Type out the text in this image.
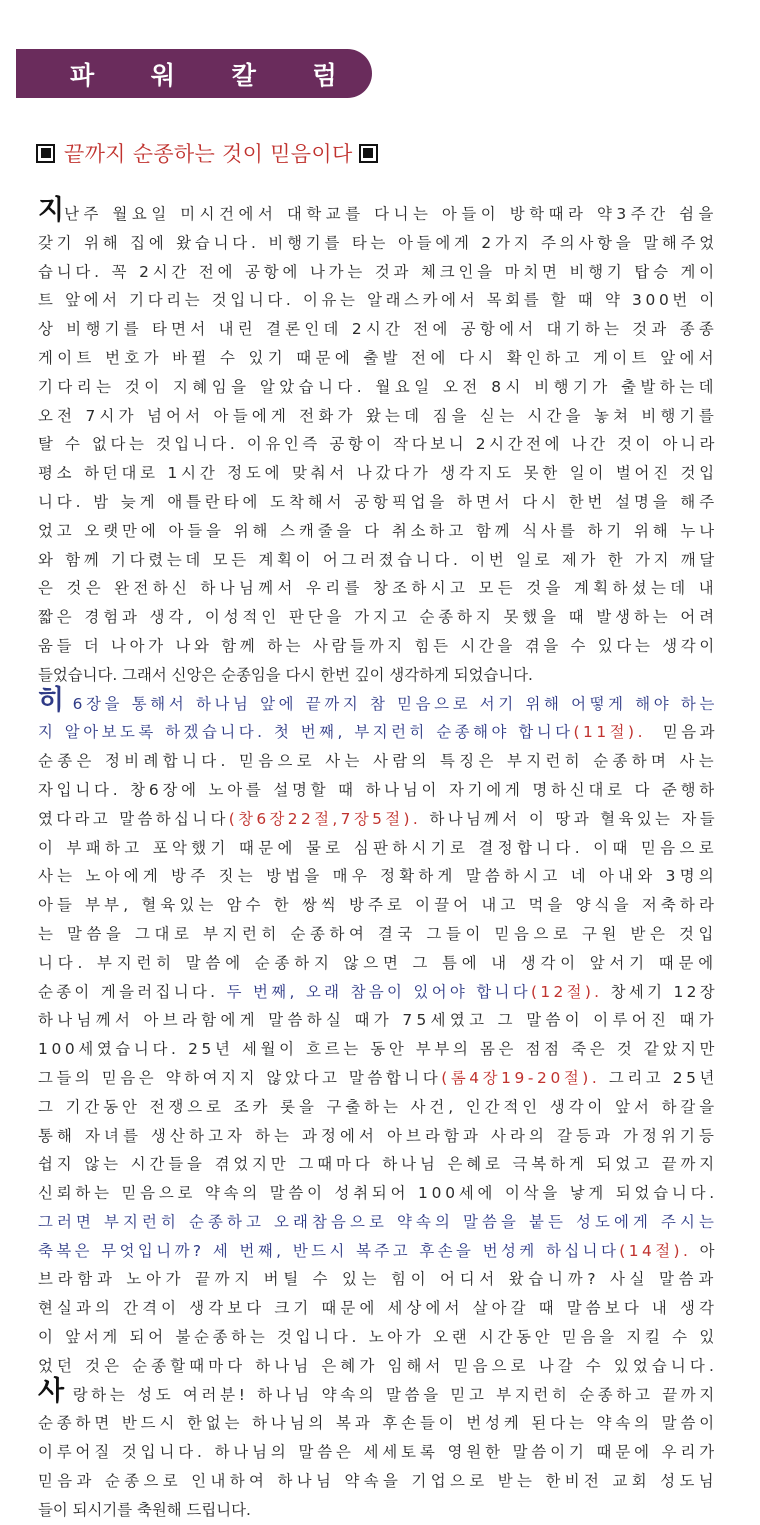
파 워 칼 럼
끝까지 순종하는 것이 믿음이다
지 난주 월요일 미시건에서 대학교를 다니는 아들이 방학때라 약3주간 쉼을
갖기 위해 집에 왔습니다. 비행기를 타는 아들에게 2가지 주의사항을 말해주었
습니다. 꼭 2시간 전에 공항에 나가는 것과 체크인을 마치면 비행기 탑승 게이
트 앞에서 기다리는 것입니다. 이유는 알래스카에서 목회를 할 때 약 300번 이
상 비행기를 타면서 내린 결론인데 2시간 전에 공항에서 대기하는 것과 종종
게이트 번호가 바뀔 수 있기 때문에 출발 전에 다시 확인하고 게이트 앞에서
기다리는 것이 지혜임을 알았습니다. 월요일 오전 8시 비행기가 출발하는데
오전 7시가 넘어서 아들에게 전화가 왔는데 짐을 싣는 시간을 놓쳐 비행기를
탈 수 없다는 것입니다. 이유인즉 공항이 작다보니 2시간전에 나간 것이 아니라
평소 하던대로 1시간 정도에 맞춰서 나갔다가 생각지도 못한 일이 벌어진 것입
니다. 밤 늦게 애틀란타에 도착해서 공항픽업을 하면서 다시 한번 설명을 해주
었고 오랫만에 아들을 위해 스캐줄을 다 취소하고 함께 식사를 하기 위해 누나
와 함께 기다렸는데 모든 계획이 어그러졌습니다. 이번 일로 제가 한 가지 깨달
은 것은 완전하신 하나님께서 우리를 창조하시고 모든 것을 계획하셨는데 내
짧은 경험과 생각, 이성적인 판단을 가지고 순종하지 못했을 때 발생하는 어려
움들 더 나아가 나와 함께 하는 사람들까지 힘든 시간을 겪을 수 있다는 생각이
들었습니다. 그래서 신앙은 순종임을 다시 한번 깊이 생각하게 되었습니다.
히 6장을 통해서 하나님 앞에 끝까지 참 믿음으로 서기 위해 어떻게 해야 하는
지 알아보도록 하겠습니다. 첫 번째, 부지런히 순종해야 합니다 (11절). 믿음과
순종은 정비례합니다. 믿음으로 사는 사람의 특징은 부지런히 순종하며 사는
자입니다. 창6장에 노아를 설명할 때 하나님이 자기에게 명하신대로 다 준행하
였다라고 말씀하십니다 (창6장22절,7장5절). 하나님께서 이 땅과 혈육있는 자들
이 부패하고 포악했기 때문에 물로 심판하시기로 결정합니다. 이때 믿음으로
사는 노아에게 방주 짓는 방법을 매우 정확하게 말씀하시고 네 아내와 3명의
아들 부부, 혈육있는 암수 한 쌍씩 방주로 이끌어 내고 먹을 양식을 저축하라
는 말씀을 그대로 부지런히 순종하여 결국 그들이 믿음으로 구원 받은 것입
니다. 부지런히 말씀에 순종하지 않으면 그 틈에 내 생각이 앞서기 때문에
순종이 게을러집니다. 두 번째, 오래 참음이 있어야 합니다 (12절). 창세기 12장
하나님께서 아브라함에게 말씀하실 때가 75세였고 그 말씀이 이루어진 때가
100세였습니다. 25년 세월이 흐르는 동안 부부의 몸은 점점 죽은 것 같았지만
그들의 믿음은 약하여지지 않았다고 말씀합니다 (롬4장19-20절). 그리고 25년
그 기간동안 전쟁으로 조카 롯을 구출하는 사건, 인간적인 생각이 앞서 하갈을
통해 자녀를 생산하고자 하는 과정에서 아브라함과 사라의 갈등과 가정위기등
쉽지 않는 시간들을 겪었지만 그때마다 하나님 은혜로 극복하게 되었고 끝까지
신뢰하는 믿음으로 약속의 말씀이 성취되어 100세에 이삭을 낳게 되었습니다.
그러면 부지런히 순종하고 오래참음으로 약속의 말씀을 붙든 성도에게 주시는
축복은 무엇입니까? 세 번째, 반드시 복주고 후손을 번성케 하십니다 (14절). 아
브라함과 노아가 끝까지 버틸 수 있는 힘이 어디서 왔습니까? 사실 말씀과
현실과의 간격이 생각보다 크기 때문에 세상에서 살아갈 때 말씀보다 내 생각
이 앞서게 되어 불순종하는 것입니다. 노아가 오랜 시간동안 믿음을 지킬 수 있
었던 것은 순종할때마다 하나님 은혜가 임해서 믿음으로 나갈 수 있었습니다.
사 랑하는 성도 여러분! 하나님 약속의 말씀을 믿고 부지런히 순종하고 끝까지
순종하면 반드시 한없는 하나님의 복과 후손들이 번성케 된다는 약속의 말씀이
이루어질 것입니다. 하나님의 말씀은 세세토록 영원한 말씀이기 때문에 우리가
믿음과 순종으로 인내하여 하나님 약속을 기업으로 받는 한비전 교회 성도님
들이 되시기를 축원해 드립니다.
